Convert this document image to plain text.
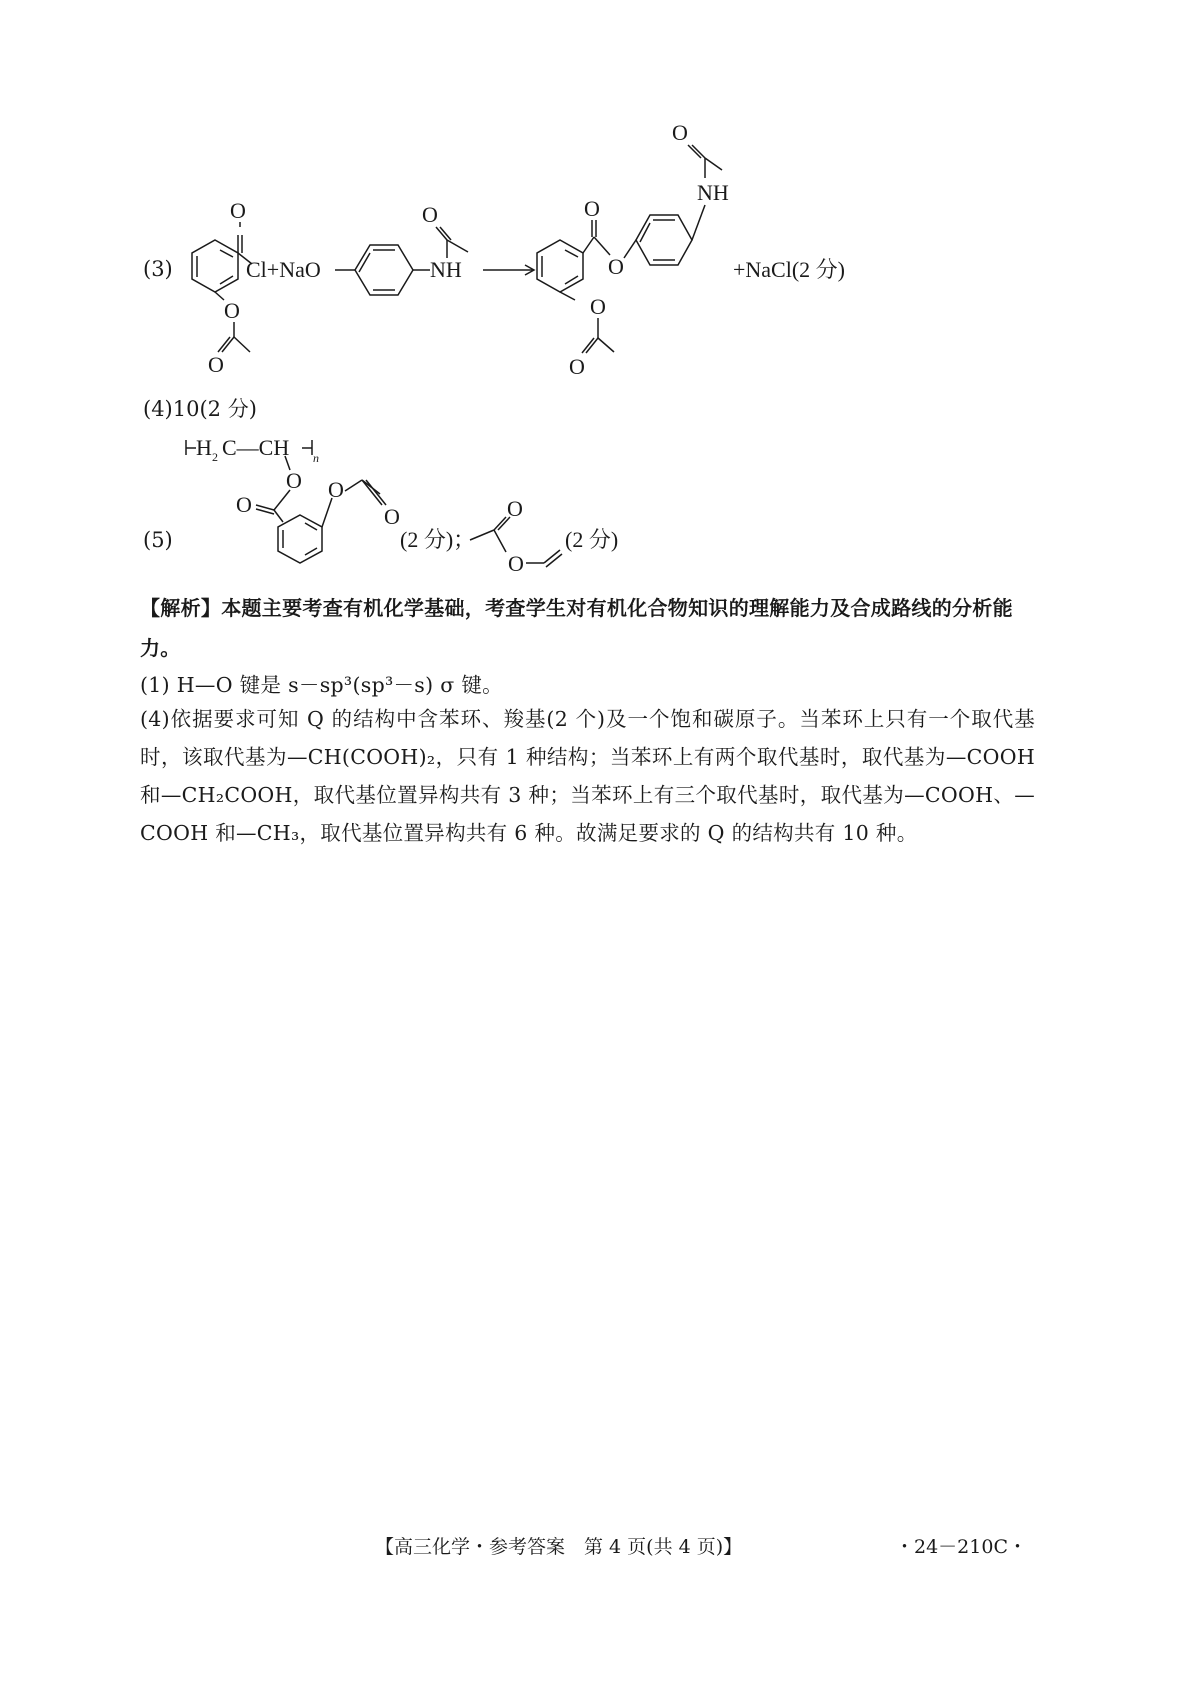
(3)
O
Cl+NaO
O
O
NH
O	O
O
NH
O
O
O
+NaCl(2 分)
(4)10(2 分)
(5)
H 2 C—CH n
O
O
O
O
(2 分)；
O
O
(2 分)
【解析】本题主要考查有机化学基础，考查学生对有机化合物知识的理解能力及合成路线的分析能力。
(1) H—O 键是 s－sp³(sp³－s) σ 键。
(4)依据要求可知 Q 的结构中含苯环、羧基(2 个)及一个饱和碳原子。当苯环上只有一个取代基时，该取代基为—CH(COOH)₂，只有 1 种结构；当苯环上有两个取代基时，取代基为—COOH 和—CH₂COOH，取代基位置异构共有 3 种；当苯环上有三个取代基时，取代基为—COOH、—COOH 和—CH₃，取代基位置异构共有 6 种。故满足要求的 Q 的结构共有 10 种。
【高三化学・参考答案　第 4 页(共 4 页)】	・24－210C・
